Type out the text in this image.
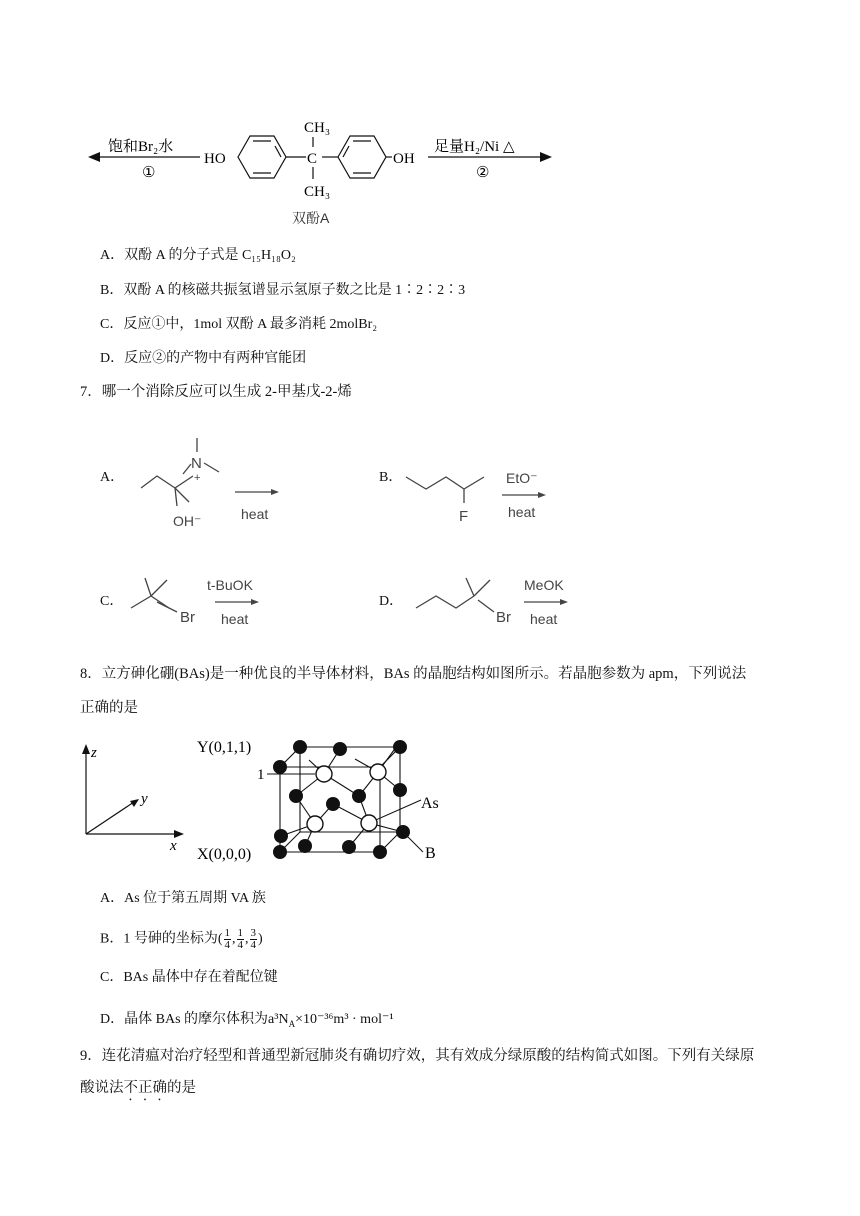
饱和Br₂水
①
HO	C
CH₃
CH₃
OH
足量H₂/Ni △
②
双酚A
A．双酚 A 的分子式是 C₁₅H₁₈O₂
B．双酚 A 的核磁共振氢谱显示氢原子数之比是 1∶2∶2∶3
C．反应①中，1mol 双酚 A 最多消耗 2molBr₂
D．反应②的产物中有两种官能团
7．哪一个消除反应可以生成 2-甲基戊-2-烯
A．
N
+
OH⁻	heat
B．
F
EtO⁻
heat
C．
Br
t-BuOK
heat
D．
Br
MeOK
heat
8．立方砷化硼(BAs)是一种优良的半导体材料，BAs 的晶胞结构如图所示。若晶胞参数为 apm，下列说法
正确的是
z
y
x
Y(0,1,1)
X(0,0,0)
1
As
B
A．As 位于第五周期 VA 族
B．1 号砷的坐标为( $\frac{1}{4}$ , $\frac{1}{4}$ , $\frac{3}{4}$ )
C．BAs 晶体中存在着配位键
D．晶体 BAs 的摩尔体积为$a^3N_A\times 10^{-36}m^3 \cdot mol^{-1}$
9．连花清瘟对治疗轻型和普通型新冠肺炎有确切疗效，其有效成分绿原酸的结构简式如图。下列有关绿原
酸说法不正确的是
